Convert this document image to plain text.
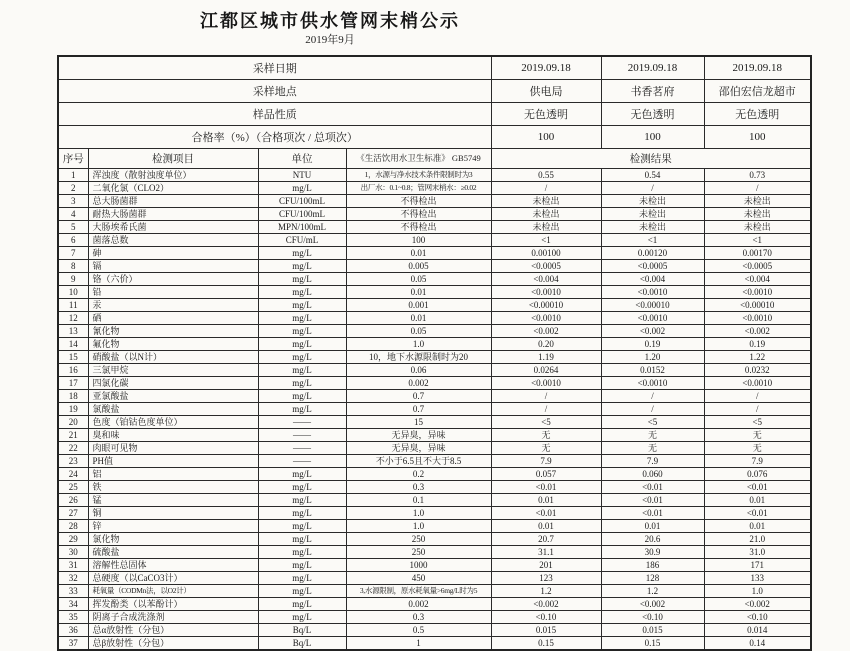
江都区城市供水管网末梢公示
2019年9月
采样日期				2019.09.18	2019.09.18	2019.09.18
采样地点				供电局	书香茗府	邵伯宏信龙超市
样品性质				无色透明	无色透明	无色透明
合格率（%）（合格项次 / 总项次）				100	100	100
序号	检测项目	单位	《生活饮用水卫生标准》 GB5749	检测结果		
1	浑浊度（散射浊度单位）	NTU	1，水源与净水技术条件限制时为3	0.55	0.54	0.73
2	二氧化氯（CLO2）	mg/L	出厂水：0.1~0.8；管网末梢水：≥0.02	/	/	/
3	总大肠菌群	CFU/100mL	不得检出	未检出	未检出	未检出
4	耐热大肠菌群	CFU/100mL	不得检出	未检出	未检出	未检出
5	大肠埃希氏菌	MPN/100mL	不得检出	未检出	未检出	未检出
6	菌落总数	CFU/mL	100	<1	<1	<1
7	砷	mg/L	0.01	0.00100	0.00120	0.00170
8	镉	mg/L	0.005	<0.0005	<0.0005	<0.0005
9	铬（六价）	mg/L	0.05	<0.004	<0.004	<0.004
10	铅	mg/L	0.01	<0.0010	<0.0010	<0.0010
11	汞	mg/L	0.001	<0.00010	<0.00010	<0.00010
12	硒	mg/L	0.01	<0.0010	<0.0010	<0.0010
13	氰化物	mg/L	0.05	<0.002	<0.002	<0.002
14	氟化物	mg/L	1.0	0.20	0.19	0.19
15	硝酸盐（以N计）	mg/L	10，地下水源限制时为20	1.19	1.20	1.22
16	三氯甲烷	mg/L	0.06	0.0264	0.0152	0.0232
17	四氯化碳	mg/L	0.002	<0.0010	<0.0010	<0.0010
18	亚氯酸盐	mg/L	0.7	/	/	/
19	氯酸盐	mg/L	0.7	/	/	/
20	色度（铂钴色度单位）	——	15	<5	<5	<5
21	臭和味	——	无异臭，异味	无	无	无
22	肉眼可见物	——	无异臭，异味	无	无	无
23	PH值	——	不小于6.5且不大于8.5	7.9	7.9	7.9
24	铝	mg/L	0.2	0.057	0.060	0.076
25	铁	mg/L	0.3	<0.01	<0.01	<0.01
26	锰	mg/L	0.1	0.01	<0.01	0.01
27	铜	mg/L	1.0	<0.01	<0.01	<0.01
28	锌	mg/L	1.0	0.01	0.01	0.01
29	氯化物	mg/L	250	20.7	20.6	21.0
30	硫酸盐	mg/L	250	31.1	30.9	31.0
31	溶解性总固体	mg/L	1000	201	186	171
32	总硬度（以CaCO3计）	mg/L	450	123	128	133
33	耗氧量（CODMn法，以O2计）	mg/L	3,水源限制，原水耗氧量>6mg/L时为5	1.2	1.2	1.0
34	挥发酚类（以苯酚计）	mg/L	0.002	<0.002	<0.002	<0.002
35	阴离子合成洗涤剂	mg/L	0.3	<0.10	<0.10	<0.10
36	总α放射性（分包）	Bq/L	0.5	0.015	0.015	0.014
37	总β放射性（分包）	Bq/L	1	0.15	0.15	0.14
